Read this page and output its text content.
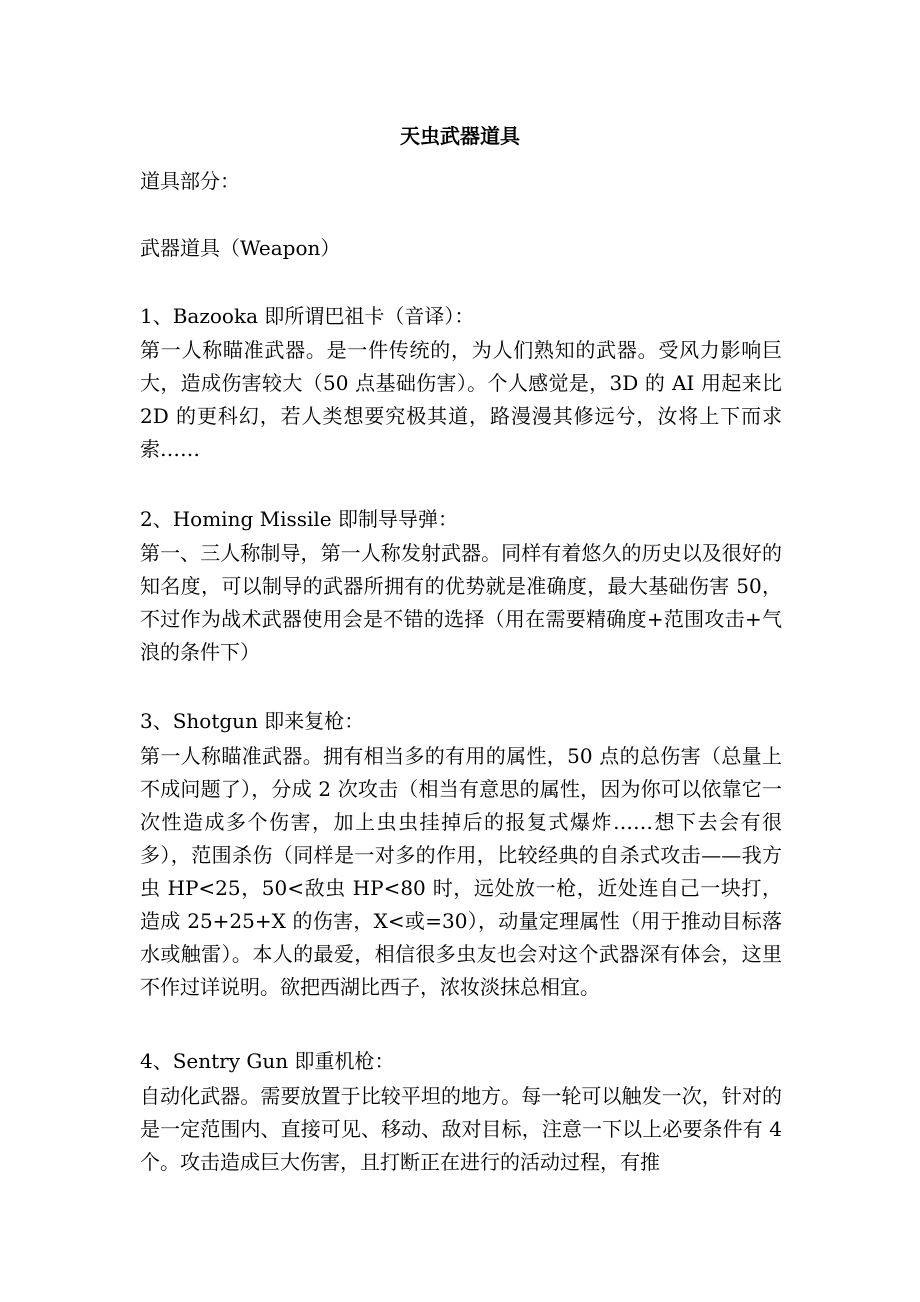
天虫武器道具
道具部分：
武器道具（Weapon）
1、Bazooka 即所谓巴祖卡（音译）：
第一人称瞄准武器。是一件传统的，为人们熟知的武器。受风力影响巨大，造成伤害较大（50 点基础伤害）。个人感觉是，3D 的 AI 用起来比 2D 的更科幻，若人类想要究极其道，路漫漫其修远兮，汝将上下而求索……
2、Homing Missile 即制导导弹：
第一、三人称制导，第一人称发射武器。同样有着悠久的历史以及很好的知名度，可以制导的武器所拥有的优势就是准确度，最大基础伤害 50，不过作为战术武器使用会是不错的选择（用在需要精确度+范围攻击+气浪的条件下）
3、Shotgun 即来复枪：
第一人称瞄准武器。拥有相当多的有用的属性，50 点的总伤害（总量上不成问题了），分成 2 次攻击（相当有意思的属性，因为你可以依靠它一次性造成多个伤害，加上虫虫挂掉后的报复式爆炸……想下去会有很多），范围杀伤（同样是一对多的作用，比较经典的自杀式攻击——我方虫 HP<25，50<敌虫 HP<80 时，远处放一枪，近处连自己一块打，造成 25+25+X 的伤害，X<或=30），动量定理属性（用于推动目标落水或触雷）。本人的最爱，相信很多虫友也会对这个武器深有体会，这里不作过详说明。欲把西湖比西子，浓妆淡抹总相宜。
4、Sentry Gun 即重机枪：
自动化武器。需要放置于比较平坦的地方。每一轮可以触发一次，针对的是一定范围内、直接可见、移动、敌对目标，注意一下以上必要条件有 4 个。攻击造成巨大伤害，且打断正在进行的活动过程，有推
